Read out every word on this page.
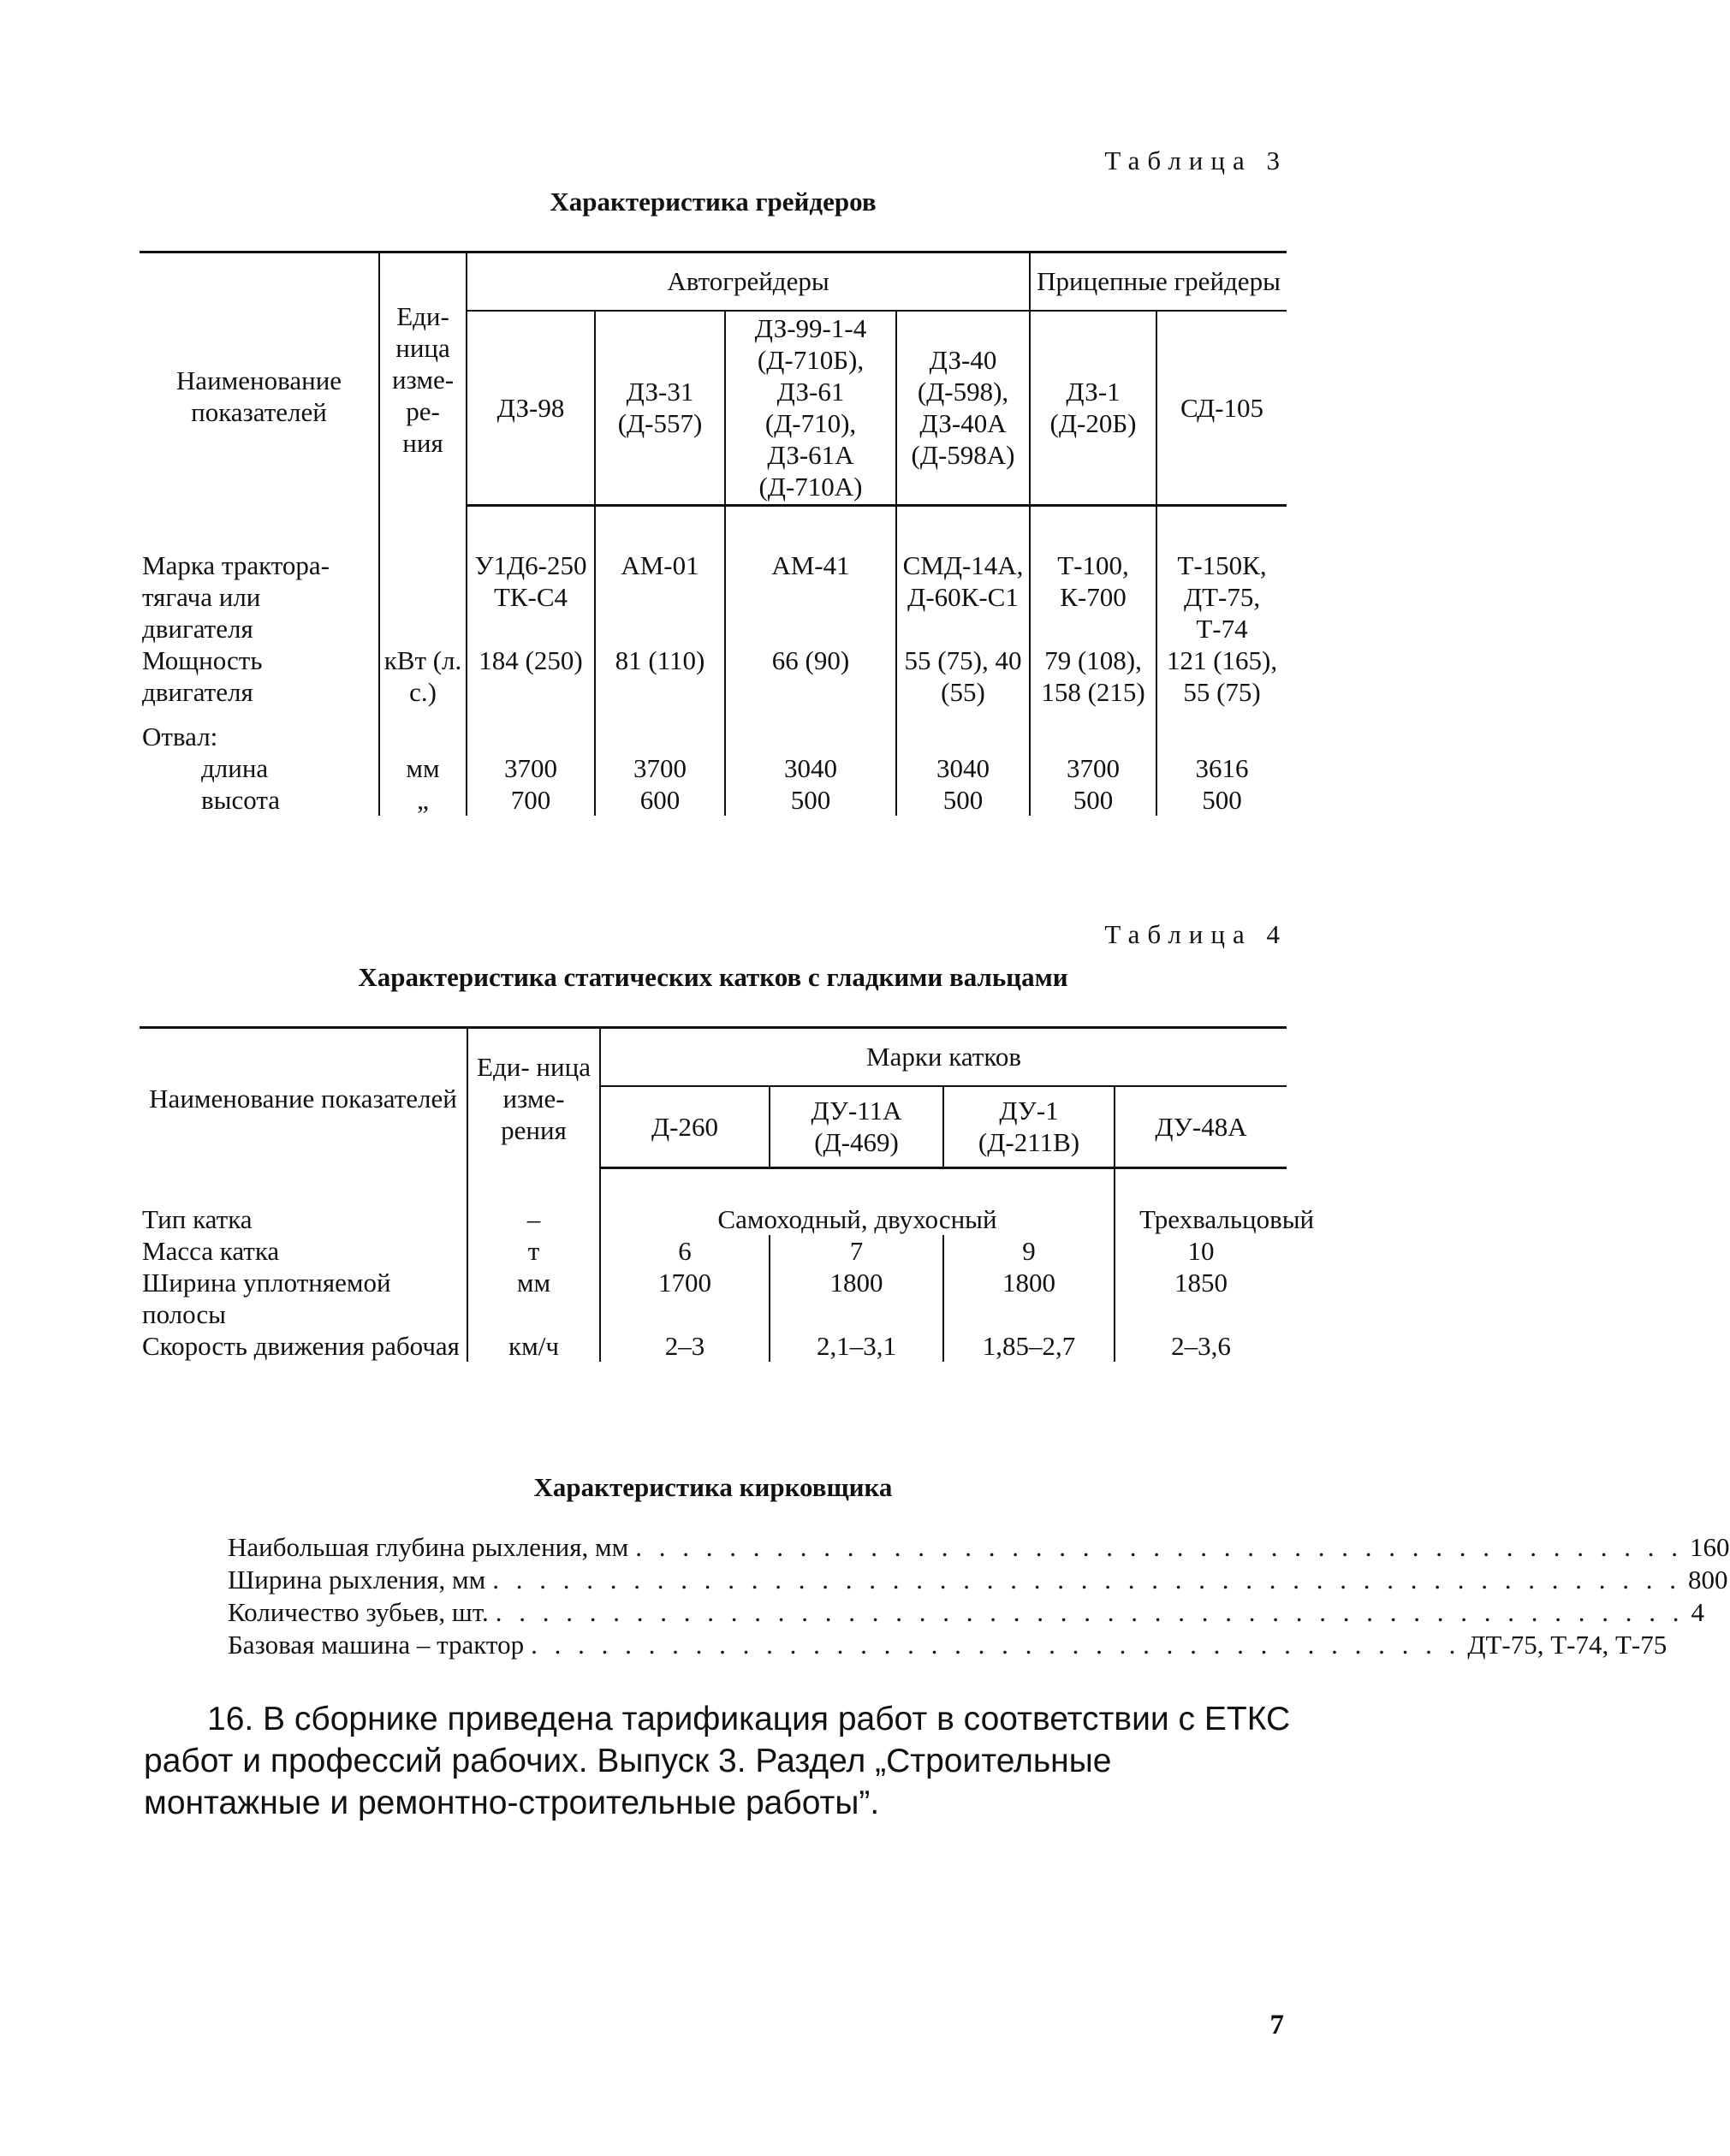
Таблица 3
Характеристика грейдеров
Наименование показателей	Еди- ница изме- ре- ния	Автогрейдеры				Прицепные грейдеры	
		ДЗ-98	ДЗ-31 (Д-557)	ДЗ-99-1-4 (Д-710Б), ДЗ-61 (Д-710), ДЗ-61А (Д-710А)	ДЗ-40 (Д-598), ДЗ-40А (Д-598А)	ДЗ-1 (Д-20Б)	СД-105

Марка трактора-тягача или двигателя		У1Д6-250 ТК-С4	АМ-01	АМ-41	СМД-14А, Д-60К-С1	Т-100, К-700	Т-150К, ДТ-75, Т-74
Мощность двигателя	кВт (л. с.)	184 (250)	81 (110)	66 (90)	55 (75), 40 (55)	79 (108), 158 (215)	121 (165), 55 (75)
Отвал:							
длина	мм	3700	3700	3040	3040	3700	3616
высота	„	700	600	500	500	500	500
Таблица 4
Характеристика статических катков с гладкими вальцами
Наименование показателей	Еди- ница изме- рения	Марки катков			
		Д-260	ДУ-11А (Д-469)	ДУ-1 (Д-211В)	ДУ-48А

Тип катка	–	Самоходный, двухосный			Трехвальцовый
Масса катка	т	6	7	9	10
Ширина уплотняемой полосы	мм	1700	1800	1800	1850
Скорость движения рабочая	км/ч	2–3	2,1–3,1	1,85–2,7	2–3,6
Характеристика кирковщика
Наибольшая глубина рыхления, мм . . . . . . . . . . . . . . . . . . . . . . . . . . . . . . . . . . . . . . . . . . . . . 160
Ширина рыхления, мм . . . . . . . . . . . . . . . . . . . . . . . . . . . . . . . . . . . . . . . . . . . . . . . . . . . 800
Количество зубьев, шт. . . . . . . . . . . . . . . . . . . . . . . . . . . . . . . . . . . . . . . . . . . . . . . . . . . . 4
Базовая машина – трактор . . . . . . . . . . . . . . . . . . . . . . . . . . . . . . . . . . . . . . . . ДТ-75, Т-74, Т-75
16. В сборнике приведена тарификация работ в соответствии с ЕТКС работ и профессий рабочих. Выпуск 3. Раздел „Строительные монтажные и ремонтно-строительные работы”.
7
